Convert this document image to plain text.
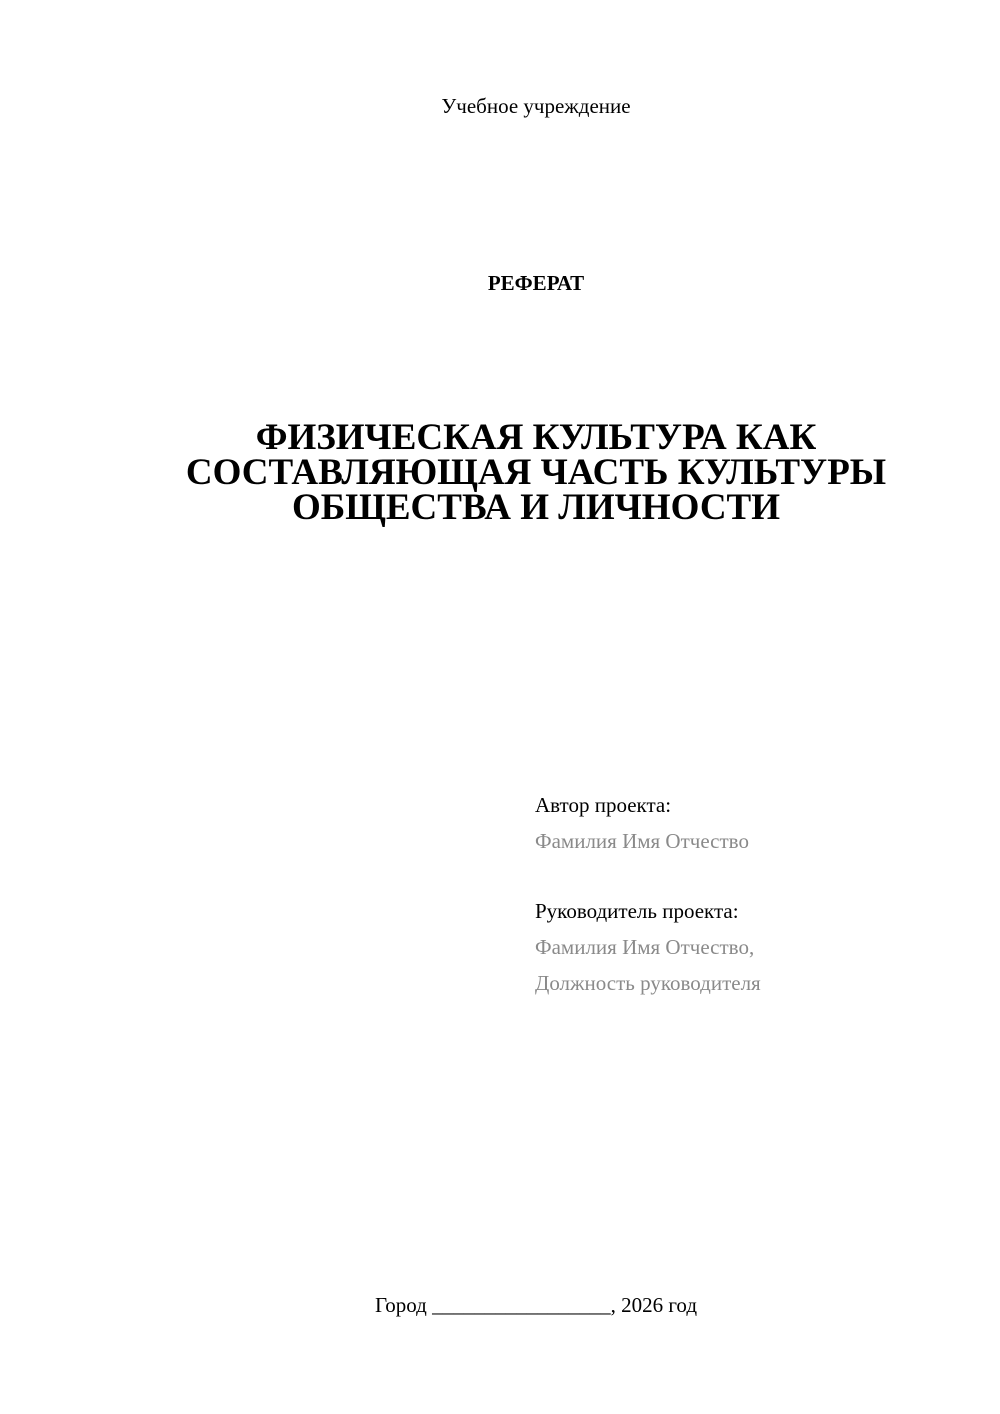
Учебное учреждение
РЕФЕРАТ
ФИЗИЧЕСКАЯ КУЛЬТУРА КАК
СОСТАВЛЯЮЩАЯ ЧАСТЬ КУЛЬТУРЫ
ОБЩЕСТВА И ЛИЧНОСТИ
Автор проекта:
Фамилия Имя Отчество
Руководитель проекта:
Фамилия Имя Отчество,
Должность руководителя
Город _________________, 2026 год
